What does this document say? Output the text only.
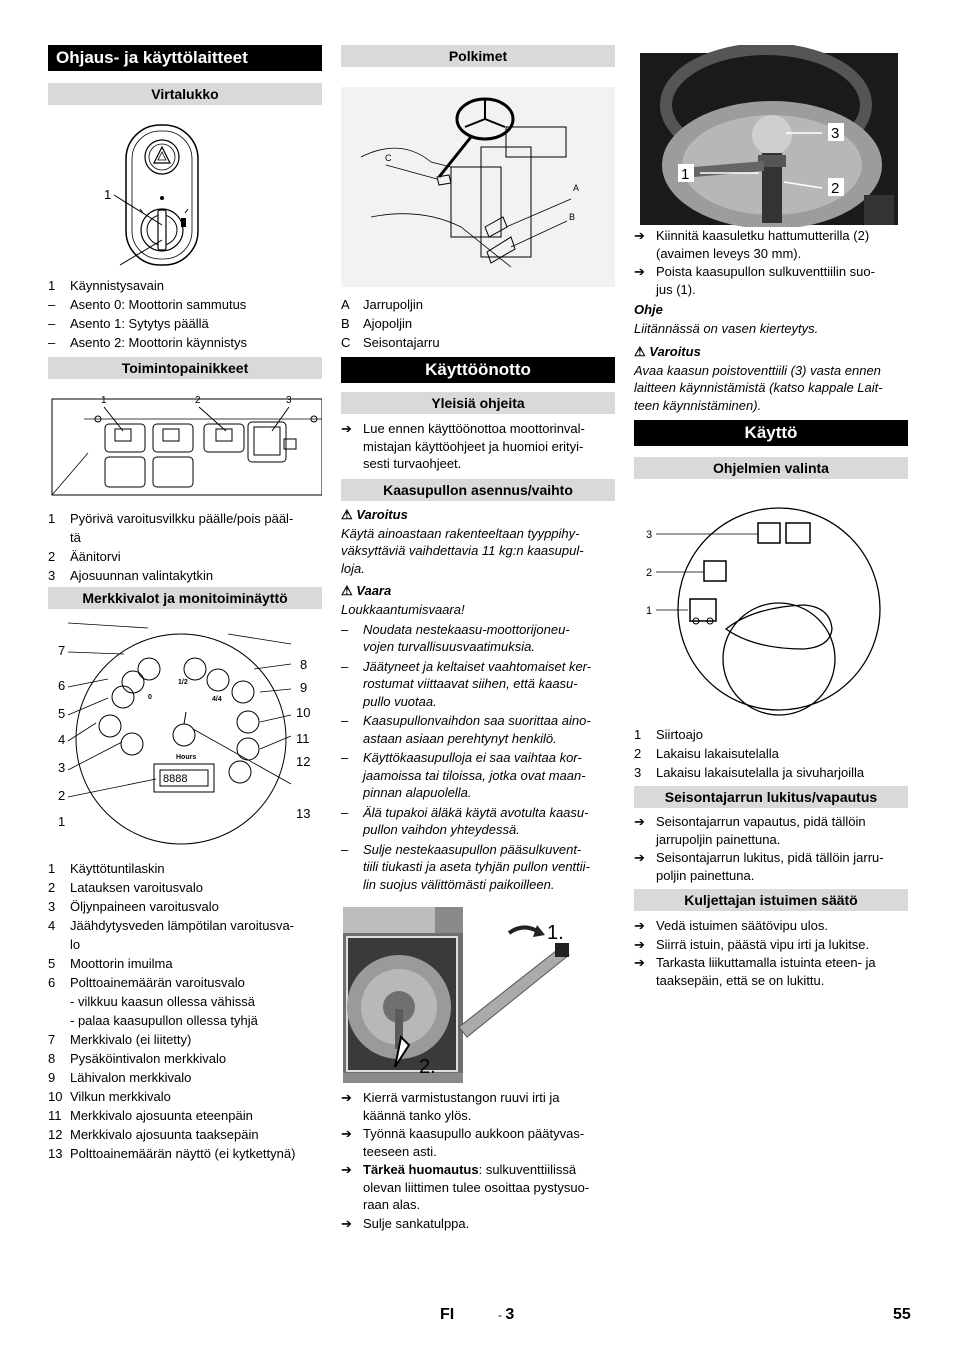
Ohjaus- ja käyttölaitteet
Virtalukko
1
1	Käynnistysavain
–	Asento 0: Moottorin sammutus
–	Asento 1: Sytytys päällä
–	Asento 2: Moottorin käynnistys
Toimintopainikkeet
1	2	3
1	Pyörivä varoitusvilkku päälle/pois pääl-
tä
2	Äänitorvi
3	Ajosuunnan valintakytkin
Merkkivalot ja monitoiminäyttö
1/2
4/4
0
Hours
8888
1
2
3
4
5
6
7
8
9
10
11
12
13
1	Käyttötuntilaskin
2	Latauksen varoitusvalo
3	Öljynpaineen varoitusvalo
4	Jäähdytysveden lämpötilan varoitusva-
lo
5	Moottorin imuilma
6	Polttoainemäärän varoitusvalo
- vilkkuu kaasun ollessa vähissä
- palaa kaasupullon ollessa tyhjä
7	Merkkivalo (ei liitetty)
8	Pysäköintivalon merkkivalo
9	Lähivalon merkkivalo
10 Vilkun merkkivalo
11 Merkkivalo ajosuunta eteenpäin
12 Merkkivalo ajosuunta taaksepäin
13 Polttoainemäärän näyttö (ei kytkettynä)
Polkimet
A
B
C
A	Jarrupoljin
B	Ajopoljin
C Seisontajarru
Käyttöönotto
Yleisiä ohjeita
➔ Lue ennen käyttöönottoa moottorinval-
mistajan käyttöohjeet ja huomioi erityi-
sesti turvaohjeet.
Kaasupullon asennus/vaihto
⚠ Varoitus
Käytä ainoastaan rakenteeltaan tyyppihy-
väksyttäviä vaihdettavia 11 kg:n kaasupul-
loja.
⚠ Vaara
Loukkaantumisvaara!
–	Noudata nestekaasu-moottorijoneu-
vojen turvallisuusvaatimuksia.
–	Jäätyneet ja keltaiset vaahtomaiset ker-
rostumat viittaavat siihen, että kaasu-
pullo vuotaa.
–	Kaasupullonvaihdon saa suorittaa aino-
astaan asiaan perehtynyt henkilö.
–	Käyttökaasupulloja ei saa vaihtaa kor-
jaamoissa tai tiloissa, jotka ovat maan-
pinnan alapuolella.
–	Älä tupakoi äläkä käytä avotulta kaasu-
pullon vaihdon yhteydessä.
–	Sulje nestekaasupullon pääsulkuvent-
tiili tiukasti ja aseta tyhjän pullon venttii-
lin suojus välittömästi paikoilleen.
1.
2.
➔ Kierrä varmistustangon ruuvi irti ja
käännä tanko ylös.
➔ Työnnä kaasupullo aukkoon päätyvas-
teeseen asti.
➔ Tärkeä huomautus: sulkuventtiilissä
olevan liittimen tulee osoittaa pystysuo-
raan alas.
➔ Sulje sankatulppa.
1
2
3
➔ Kiinnitä kaasuletku hattumutterilla (2)
(avaimen leveys 30 mm).
➔ Poista kaasupullon sulkuventtiilin suo-
jus (1).
Ohje
Liitännässä on vasen kierteytys.
⚠ Varoitus
Avaa kaasun poistoventtiili (3) vasta ennen
laitteen käynnistämistä (katso kappale Lait-
teen käynnistäminen).
Käyttö
Ohjelmien valinta
1
2
3
1	Siirtoajo
2	Lakaisu lakaisutelalla
3	Lakaisu lakaisutelalla ja sivuharjoilla
Seisontajarrun lukitus/vapautus
➔ Seisontajarrun vapautus, pidä tällöin
jarrupoljin painettuna.
➔ Seisontajarrun lukitus, pidä tällöin jarru-
poljin painettuna.
Kuljettajan istuimen säätö
➔ Vedä istuimen säätövipu ulos.
➔ Siirrä istuin, päästä vipu irti ja lukitse.
➔ Tarkasta liikuttamalla istuinta eteen- ja
taaksepäin, että se on lukittu.
FI	- 3	55
